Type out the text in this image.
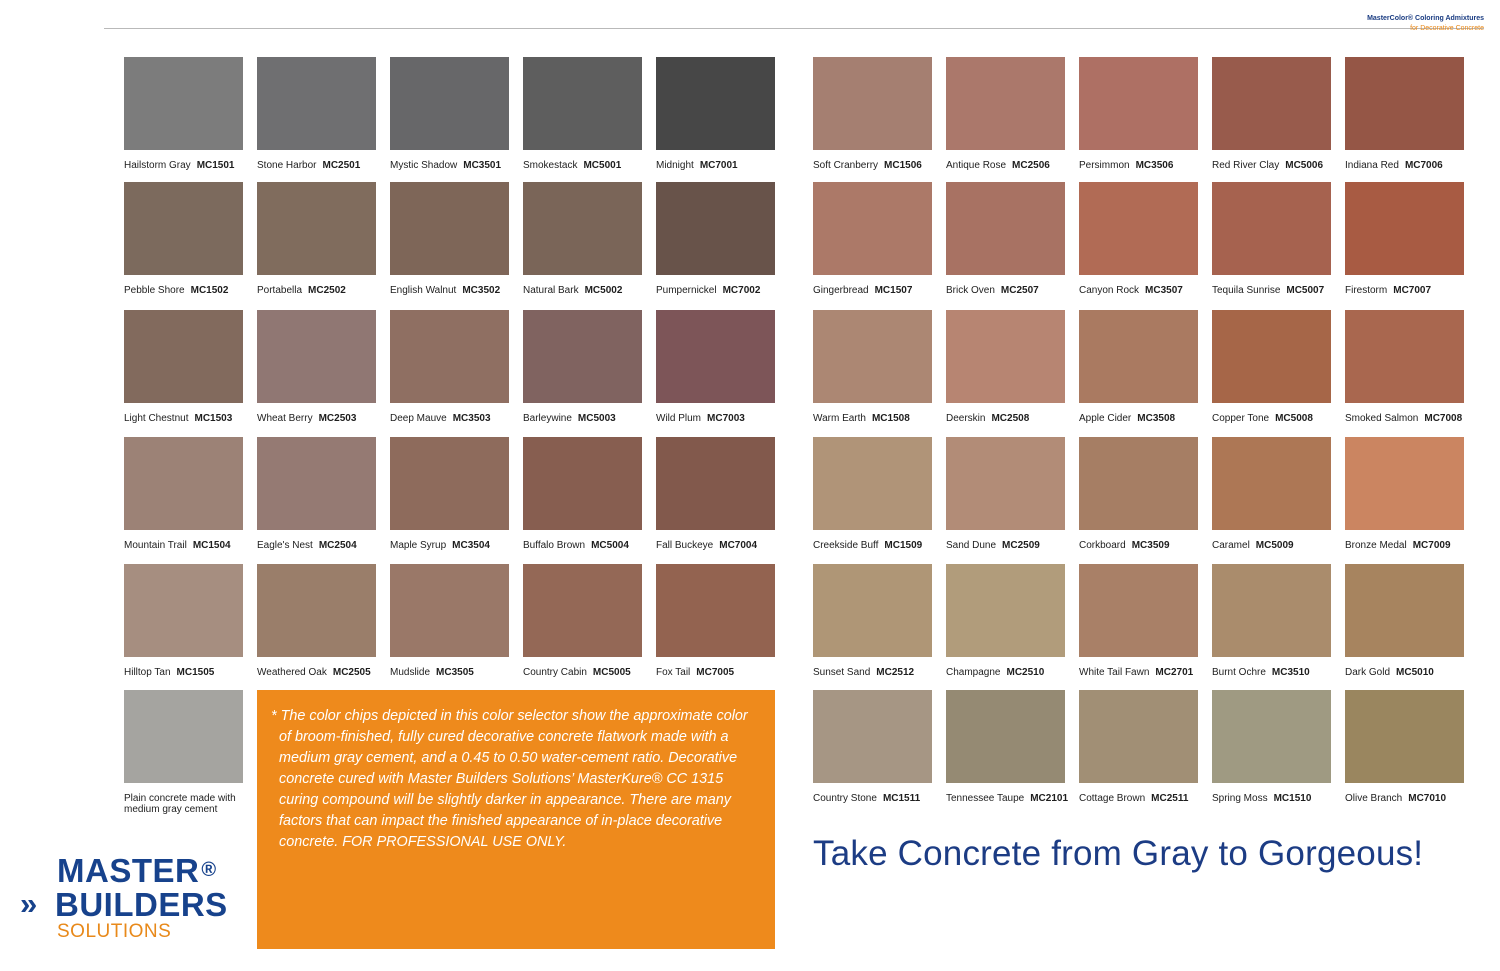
MasterColor® Coloring Admixtures
for Decorative Concrete
Hailstorm Gray MC1501	Stone Harbor MC2501	Mystic Shadow MC3501	Smokestack MC5001	Midnight MC7001	Soft Cranberry MC1506	Antique Rose MC2506	Persimmon MC3506	Red River Clay MC5006	Indiana Red MC7006
Pebble Shore MC1502	Portabella MC2502	English Walnut MC3502	Natural Bark MC5002	Pumpernickel MC7002	Gingerbread MC1507	Brick Oven MC2507	Canyon Rock MC3507	Tequila Sunrise MC5007	Firestorm MC7007
Light Chestnut MC1503	Wheat Berry MC2503	Deep Mauve MC3503	Barleywine MC5003	Wild Plum MC7003	Warm Earth MC1508	Deerskin MC2508	Apple Cider MC3508	Copper Tone MC5008	Smoked Salmon MC7008
Mountain Trail MC1504	Eagle's Nest MC2504	Maple Syrup MC3504	Buffalo Brown MC5004	Fall Buckeye MC7004	Creekside Buff MC1509	Sand Dune MC2509	Corkboard MC3509	Caramel MC5009	Bronze Medal MC7009
Hilltop Tan MC1505	Weathered Oak MC2505	Mudslide MC3505	Country Cabin MC5005	Fox Tail MC7005	Sunset Sand MC2512	Champagne MC2510	White Tail Fawn MC2701	Burnt Ochre MC3510	Dark Gold MC5010
Country Stone MC1511	Tennessee Taupe MC2101	Cottage Brown MC2511	Spring Moss MC1510	Olive Branch MC7010
Plain concrete made with medium gray cement

* The color chips depicted in this color selector show the approximate color of broom-finished, fully cured decorative concrete flatwork made with a medium gray cement, and a 0.45 to 0.50 water-cement ratio. Decorative concrete cured with Master Builders Solutions’ MasterKure® CC 1315 curing compound will be slightly darker in appearance. There are many factors that can impact the finished appearance of in-place decorative concrete. FOR PROFESSIONAL USE ONLY.	Take Concrete from Gray to Gorgeous!
MASTER ®
» BUILDERS
SOLUTIONS
